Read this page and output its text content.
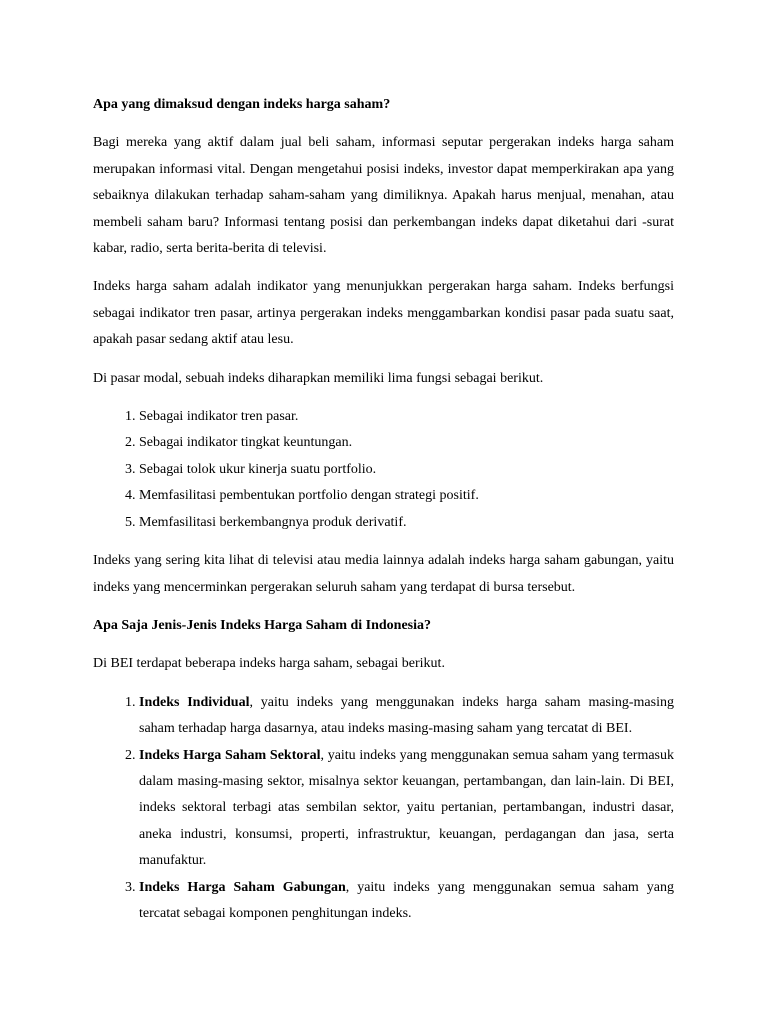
Apa yang dimaksud dengan indeks harga saham?

Bagi mereka yang aktif dalam jual beli saham, informasi seputar pergerakan indeks harga saham merupakan informasi vital. Dengan mengetahui posisi indeks, investor dapat memperkirakan apa yang sebaiknya dilakukan terhadap saham-saham yang dimiliknya. Apakah harus menjual, menahan, atau membeli saham baru? Informasi tentang posisi dan perkembangan indeks dapat diketahui dari -surat kabar, radio, serta berita-berita di televisi.

Indeks harga saham adalah indikator yang menunjukkan pergerakan harga saham. Indeks berfungsi sebagai indikator tren pasar, artinya pergerakan indeks menggambarkan kondisi pasar pada suatu saat, apakah pasar sedang aktif atau lesu.

Di pasar modal, sebuah indeks diharapkan memiliki lima fungsi sebagai berikut.

1. Sebagai indikator tren pasar.
2. Sebagai indikator tingkat keuntungan.
3. Sebagai tolok ukur kinerja suatu portfolio.
4. Memfasilitasi pembentukan portfolio dengan strategi positif.
5. Memfasilitasi berkembangnya produk derivatif.

Indeks yang sering kita lihat di televisi atau media lainnya adalah indeks harga saham gabungan, yaitu indeks yang mencerminkan pergerakan seluruh saham yang terdapat di bursa tersebut.

Apa Saja Jenis-Jenis Indeks Harga Saham di Indonesia?

Di BEI terdapat beberapa indeks harga saham, sebagai berikut.

1. Indeks Individual, yaitu indeks yang menggunakan indeks harga saham masing-masing saham terhadap harga dasarnya, atau indeks masing-masing saham yang tercatat di BEI.
2. Indeks Harga Saham Sektoral, yaitu indeks yang menggunakan semua saham yang termasuk dalam masing-masing sektor, misalnya sektor keuangan, pertambangan, dan lain-lain. Di BEI, indeks sektoral terbagi atas sembilan sektor, yaitu pertanian, pertambangan, industri dasar, aneka industri, konsumsi, properti, infrastruktur, keuangan, perdagangan dan jasa, serta manufaktur.
3. Indeks Harga Saham Gabungan, yaitu indeks yang menggunakan semua saham yang tercatat sebagai komponen penghitungan indeks.
